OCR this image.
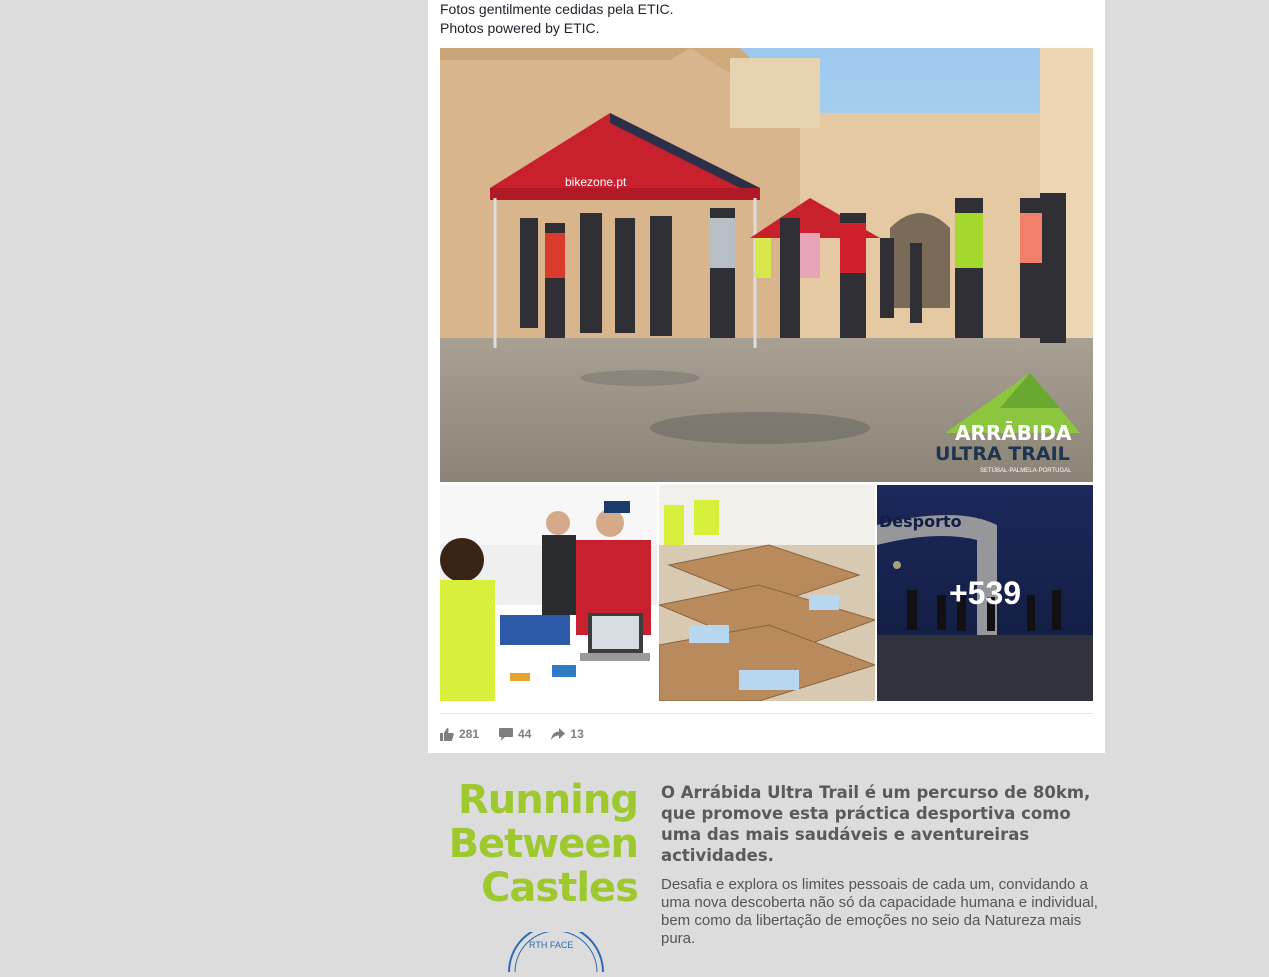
Fotos gentilmente cedidas pela ETIC.
Photos powered by ETIC.
bikezone.pt
ARRĀBIDA
ULTRA TRAIL
SETÚBAL·PALMELA·PORTUGAL
Desporto
+539
281	44	13
Running
Between
Castles
O Arrábida Ultra Trail é um percurso de 80km, que promove esta práctica desportiva como uma das mais saudáveis e aventureiras actividades.
Desafia e explora os limites pessoais de cada um, convidando a uma nova descoberta não só da capacidade humana e individual, bem como da libertação de emoções no seio da Natureza mais pura.
RTH FACE
